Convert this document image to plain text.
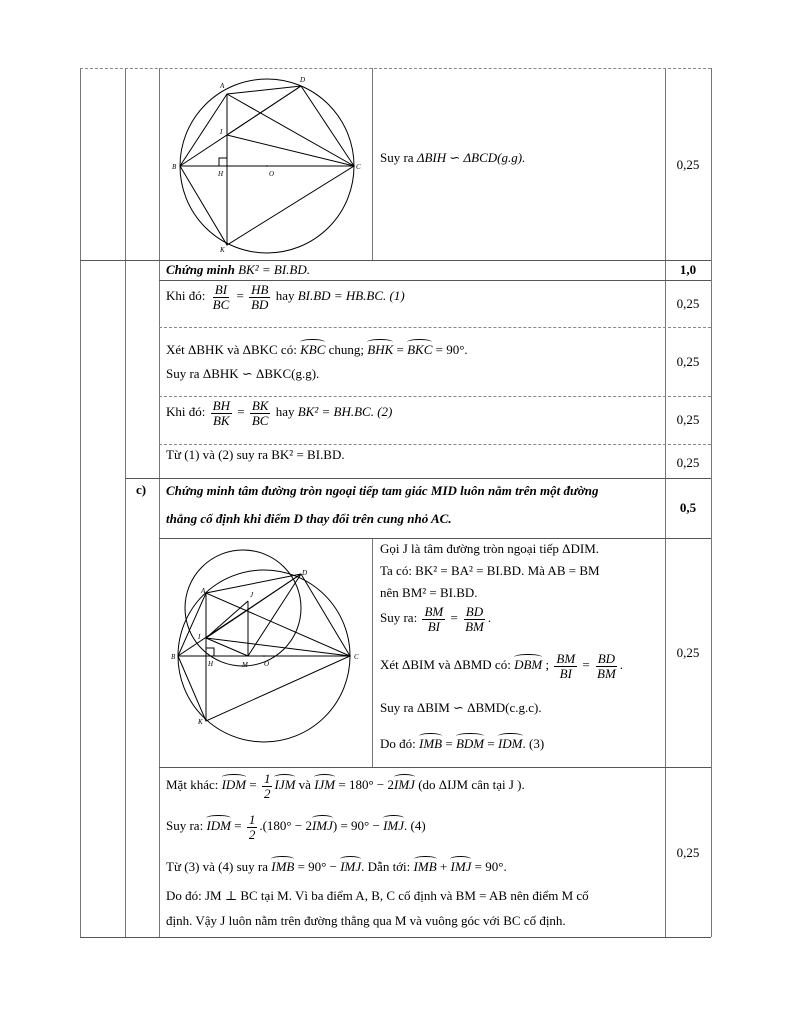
A
D
I
B
H	O
C
K
Suy ra ΔBIH ∽ ΔBCD(g.g).	0,25
Chứng minh BK² = BI.BD.	1,0
Khi đó: $\frac{BI}{BC} = \frac{HB}{BD}$ hay BI.BD = HB.BC. (1)
0,25
Xét ΔBHK và ΔBKC có: KBC chung; BHK = BKC = 90°.
Suy ra ΔBHK ∽ ΔBKC(g.g).
0,25
Khi đó: $\frac{BH}{BK} = \frac{BK}{BC}$ hay BK² = BH.BC. (2)
0,25
Từ (1) và (2) suy ra BK² = BI.BD.
0,25
c) Chứng minh tâm đường tròn ngoại tiếp tam giác MID luôn nằm trên một đường
thẳng cố định khi điểm D thay đổi trên cung nhỏ AC.
0,5
D
A	J
I
B
H	M O
C
K
Gọi J là tâm đường tròn ngoại tiếp ΔDIM.
Ta có: BK² = BA² = BI.BD. Mà AB = BM
nên BM² = BI.BD.
Suy ra: $\frac{BM}{BI} = \frac{BD}{BM}$ .
Xét ΔBIM và ΔBMD có: DBM ; $\frac{BM}{BI} = \frac{BD}{BM}$ .
Suy ra ΔBIM ∽ ΔBMD(c.g.c).
Do đó: IMB = BDM = IDM. (3)
0,25
Mặt khác: IDM = $\frac{1}{2}$ IJM và IJM = 180° − 2IMJ (do ΔIJM cân tại J ).
Suy ra: IDM = $\frac{1}{2} .(180^\circ - 2IMJ) = 90^\circ$ − IMJ. (4)
Từ (3) và (4) suy ra IMB = 90° − IMJ. Dẫn tới: IMB + IMJ = 90°.
Do đó: JM ⊥ BC tại M. Vì ba điểm A, B, C cố định và BM = AB nên điểm M cố
định. Vậy J luôn nằm trên đường thẳng qua M và vuông góc với BC cố định.
0,25
